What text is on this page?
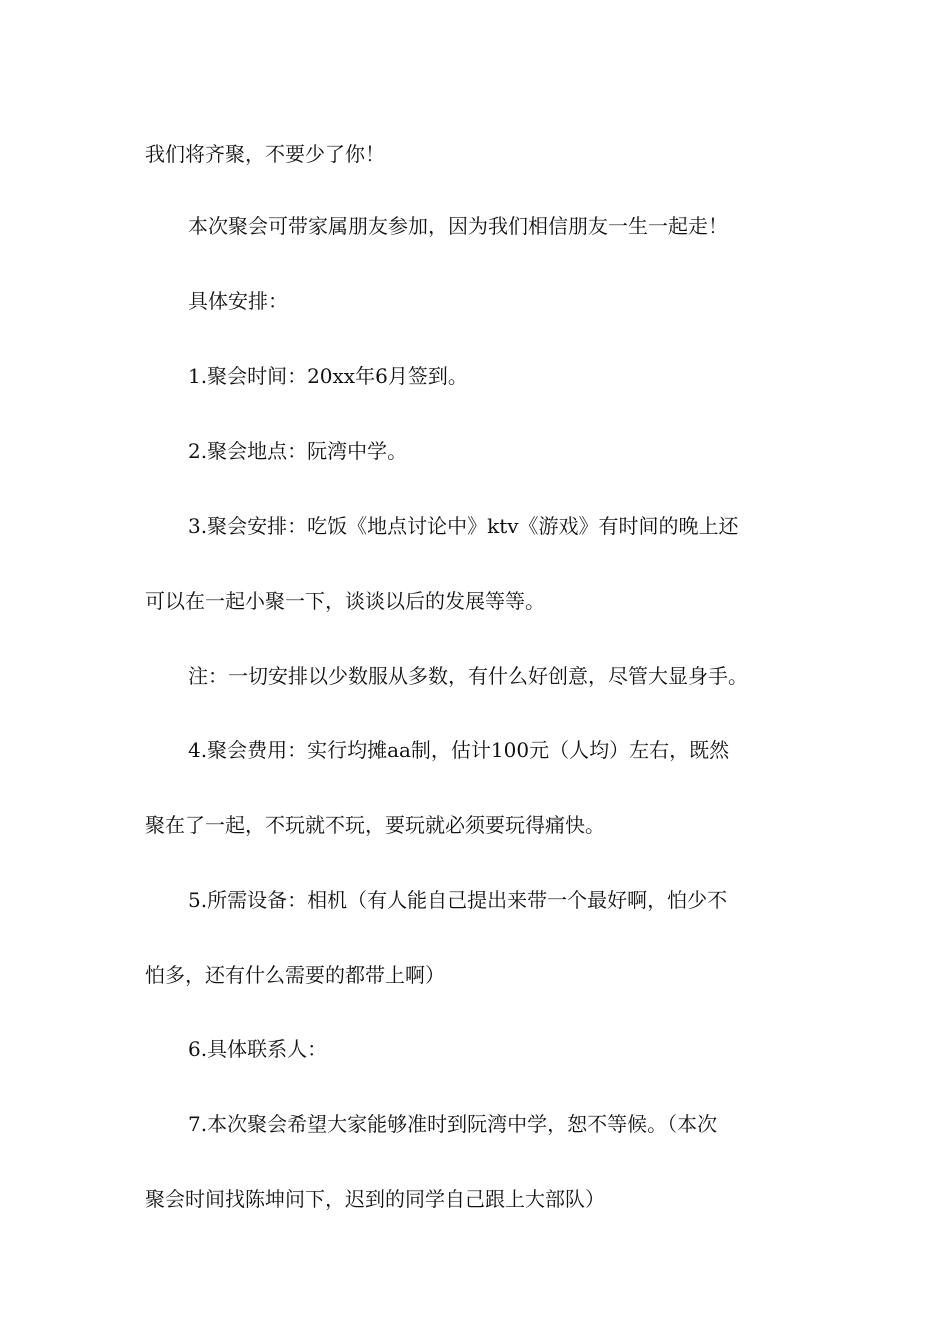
我们将齐聚，不要少了你！

本次聚会可带家属朋友参加，因为我们相信朋友一生一起走！

具体安排：

1.聚会时间：20xx年6月签到。

2.聚会地点：阮湾中学。

3.聚会安排：吃饭《地点讨论中》ktv《游戏》有时间的晚上还

可以在一起小聚一下，谈谈以后的发展等等。

注：一切安排以少数服从多数，有什么好创意，尽管大显身手。

4.聚会费用：实行均摊aa制，估计100元（人均）左右，既然

聚在了一起，不玩就不玩，要玩就必须要玩得痛快。

5.所需设备：相机（有人能自己提出来带一个最好啊，怕少不

怕多，还有什么需要的都带上啊）

6.具体联系人：

7.本次聚会希望大家能够准时到阮湾中学，恕不等候。（本次

聚会时间找陈坤问下，迟到的同学自己跟上大部队）
